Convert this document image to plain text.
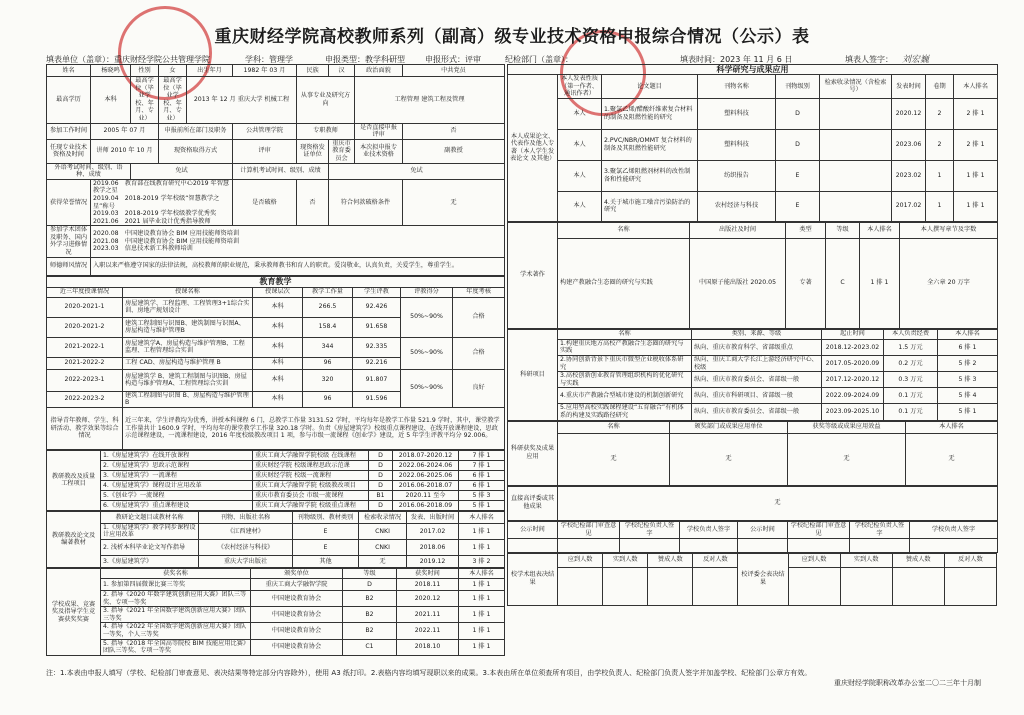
重庆财经学院高校教师系列（副高）级专业技术资格申报综合情况（公示）表
填表单位（盖章）：重庆财经学院公共管理学院	学科：管理学	申报类型：教学科研型	申报形式：评审	纪检部门（盖章）：	填表时间：2023 年 11 月 6 日	填表人签字： 刘宏巍
姓名	杨晓鸣	性别	女	出生年月	1982 年 03 月	民族	汉	政治面貌	中共党员
最高学历	本科	最高学位（毕业学校、年月、专业）	最高学位（毕业学校、年月、专业）	2013 年 12 月 重庆大学 机械工程		从事专业及研究方向		工程管理 建筑工程及管理	
参加工作时间	2005 年 07 月		申报前所在部门及职务		公共管理学院	专职教师		是否直接申报评审	否
任现专业技术资格及时间	讲师 2010 年 10 月		现资格取得方式		评审	现资格发证单位	重庆市教育委员会	本次拟申报专业技术资格	副教授
外语考试时间、级别、语种、成绩		免试			计算机考试时间、级别、成绩		免试		
获得荣誉情况	2019.06　教育部在线教育研究中心2019 年智慧教学之星
2019.04　2018-2019 学年校级“智慧教学之星”称号
2019.03　2018-2019 学年校级教学优秀奖
2021.06　2021 届毕业设计优秀指导教师				是否破格	否	符合何款破格条件		无
参加学术团体及职务、国内外学习进修情况	2020.08　中国建设教育协会 BIM 应用技能师资培训
2021.08　中国建设教育协会 BIM 应用技能师资培训
2023.03　信息技术新工科教师培训								

师德师风情况	入职以来严格遵守国家的法律法规，高校教师的职业规范，秉承教师教书和育人的职责。爱岗敬业，认真负责，关爱学生，尊重学生。								
教育教学						
近三年度授课情况	授课名称	授课层次	教学工作量	学生评教	评教得分	年度考核
2020-2021-1	房屋建筑学、工程监理、工程管理3+1综合实训、房地产规划设计	本科	266.5	92.426	50%~90%	合格
2020-2021-2	建筑工程制图与识图B、建筑制图与识图A、房屋构造与维护管理B	本科	158.4	91.658		
2021-2022-1	房屋建筑学A、房屋构造与维护管理B、工程监理、工程管理综合实训	本科	344	92.335	50%~90%	合格
2021-2022-2	工程 CAD、房屋构造与维护管理 B	本科	96	92.216		
2022-2023-1	房屋建筑学 B、建筑工程制图与识图B、房屋构造与维护管理A、工程管理综合实训	本科	320	91.807	50%~90%	良好
2022-2023-2	建筑工程制图与识图 B、房屋构造与维护管理 B	本科	96	91.596		
指导青年教师、学生、科研活动、教学效果等综合情况	近三年来，学生评教均为优秀，讲授本科课程 6 门，总教学工作量 3131.52 学时，平均每年是教学工作量 521.9 学时，其中，课堂教学工作量共计 1600.9 学时，平均每年的课堂教学工作量 320.18 学时。负责《房屋建筑学》校级重点课程建设、在线开放课程建设，思政示范课程建设，一流课程建设，2016 年度校级教改项目 1 项，参与市级一流课程《创业学》建设，近 5 年学生评教平均分 92.006。					
教研教改及质量工程项目	1.《房屋建筑学》在线开放课程	重庆工商大学融智学院校级 在线课程	D	2018.07-2020.12	7 排 1
	2.《房屋建筑学》思政示范课程	重庆财经学院 校级课程思政示范课	D	2022.06-2024.06	7 排 1
	3.《房屋建筑学》一流课程	重庆财经学院 校级一流课程	D	2022.06-2025.06	6 排 1
	4.《房屋建筑学》课程设计应用改革	重庆工商大学融智学院 校级教改项目	D	2016.06-2018.07	6 排 1
	5.《创业学》一流课程	重庆市教育委员会 市级一流课程	B1	2020.11 至今	5 排 3
	6.《房屋建筑学》重点课程建设	重庆工商大学融智学院 校级重点课程	D	2016.06-2018.09	5 排 1
教研教改论文及编著教材	教研论文题目或教材名称	刊物、出版社名称	刊物级别、教材类别	检索收录情况	发表、出版时间	本人排名
	1.《房屋建筑学》教学同步课程设计应用改革	《江西建材》	E	CNKI	2017.02	1 排 1
	2. 浅析本科毕业论文写作指导	《农村经济与科技》	E	CNKI	2018.06	1 排 1
	3.《房屋建筑学》	重庆大学出版社	其他	无	2019.12	3 排 2
学校成果、竞赛奖及指导学生竞赛获奖奖赛	获奖名称	颁奖单位	等级	获奖时间	本人排名
	1. 参加第四届微课比赛三等奖	重庆工商大学融智学院	D	2018.11	1 排 1
	2. 指导《2020 年数字建筑创新应用大赛》团队三等奖、专项一等奖	中国建设教育协会	B2	2020.12	1 排 1
	3. 指导《2021 年全国数字建筑创新应用大赛》团队三等奖	中国建设教育协会	B2	2021.11	1 排 1
	4. 指导《2022 年全国数字建筑创新应用大赛》团队一等奖，个人三等奖	中国建设教育协会	B2	2022.11	1 排 1
	5. 指导《2018 年全国高等院校 BIM 技能应用比赛》团队三等奖、专项一等奖	中国建设教育协会	C1	2018.10	1 排 1
科学研究与成果应用								
本人成果论文、代表作及他人专著（本人学生发表论文 及其他）	本人发表性质（第一作者、通讯作者）	论文题目	刊物名称	刊物级别	检索收录情况（含检索号）	发表时间	卷期	本人排名
	本人	1.聚氯乙烯/醋酸纤维素复合材料的制备及阻燃性能的研究	塑料科技	D		2020.12	2	2 排 1
	本人	2.PVC/NBR/OMMT 复合材料的制备及其阻燃性能研究	塑料科技	D		2023.06	2	2 排 1
	本人	3.聚氯乙烯阻燃剂材料的改性制备和性能研究	纺织报告	E		2023.02	1	1 排 1
	本人	4.关于城市施工噪音污染防治的研究	农村经济与科技	E		2017.02	1	1 排 1
学术著作	名称	出版社及时间	类型	等级	本人排名	本人撰写章节及字数
	构建产教融合生态圈的研究与实践	中国原子能出版社 2020.05	专著	C	1 排 1	全六章 20 万字
科研项目	名称	类别、来源、等级	起止时间	本人负责经费	本人排名
	1.构建重庆地方高校产教融合生态圈的研究与实践	纵向、重庆市教育科学、省部级重点	2018.12-2023.02	1.5 万元	6 排 1
	2.协同创新背景下重庆市微型企业税收体系研究	纵向、重庆工商大学长江上游经济研究中心、校级	2017.05-2020.09	0.2 万元	5 排 2
	3.高校创新创业教育管理组织机构的优化研究与实践	纵向、重庆市教育委员会、省部级一般	2017.12-2020.12	0.3 万元	5 排 3
	4.重庆市产教融合型城市建设的机制创新研究	纵向、重庆市科研项目、省部级一般	2022.09-2024.09	0.1 万元	5 排 4
	5.应用型高校实践课程建设“五育融合”有机体系的构建及实践路径研究	纵向、重庆市教育委员会、省部级一般	2023.09-2025.10	0.1 万元	5 排 1
科研获奖及成果应用	名称	颁奖部门或成果应用单位	获奖等级或成果应用效益	本人排名
	无	无	无	无
直接高评委或其他成果	无
公示时间	学校纪检部门审查意见	学校纪检负责人签字	学校负责人签字	公示时间	学校纪检部门审查意见	学校纪检负责人签字	学校负责人签字

校学术组表决结果	应到人数	实到人数	赞成人数	反对人数	校评委会表决结果	应到人数	实到人数	赞成人数	反对人数

注：1.本表由申报人填写（学校、纪检部门审查意见、表决结果等特定部分内容除外），使用 A3 纸打印。2.表格内容均填写现职以来的成果。3.本表由所在单位须查所有项目，由学校负责人、纪检部门负责人签字并加盖学校、纪检部门公章方有效。
重庆财经学院职称改革办公室二〇二三年十月制
